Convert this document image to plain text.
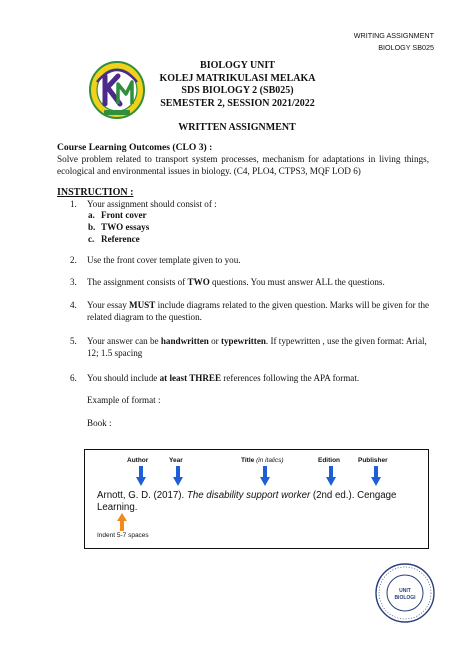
WRITING ASSIGNMENT
BIOLOGY SB025
BIOLOGY UNIT
KOLEJ MATRIKULASI MELAKA
SDS BIOLOGY 2 (SB025)
SEMESTER 2, SESSION 2021/2022
WRITTEN ASSIGNMENT
Course Learning Outcomes (CLO 3) :
Solve problem related to transport system processes, mechanism for adaptations in living things, ecological and environmental issues in biology. (C4, PLO4, CTPS3, MQF LOD 6)
INSTRUCTION :
1. Your assignment should consist of :
a. Front cover
b. TWO essays
c. Reference
2. Use the front cover template given to you.
3. The assignment consists of TWO questions. You must answer ALL the questions.
4. Your essay MUST include diagrams related to the given question. Marks will be given for the related diagram to the question.
5. Your answer can be handwritten or typewritten. If typewritten , use the given format: Arial, 12; 1.5 spacing
6. You should include at least THREE references following the APA format.
Example of format :
Book :
Author	Year	Title (in italics)	Edition	Publisher
Arnott, G. D. (2017). The disability support worker (2nd ed.). Cengage Learning.
Indent 5-7 spaces
UNIT
BIOLOGI
